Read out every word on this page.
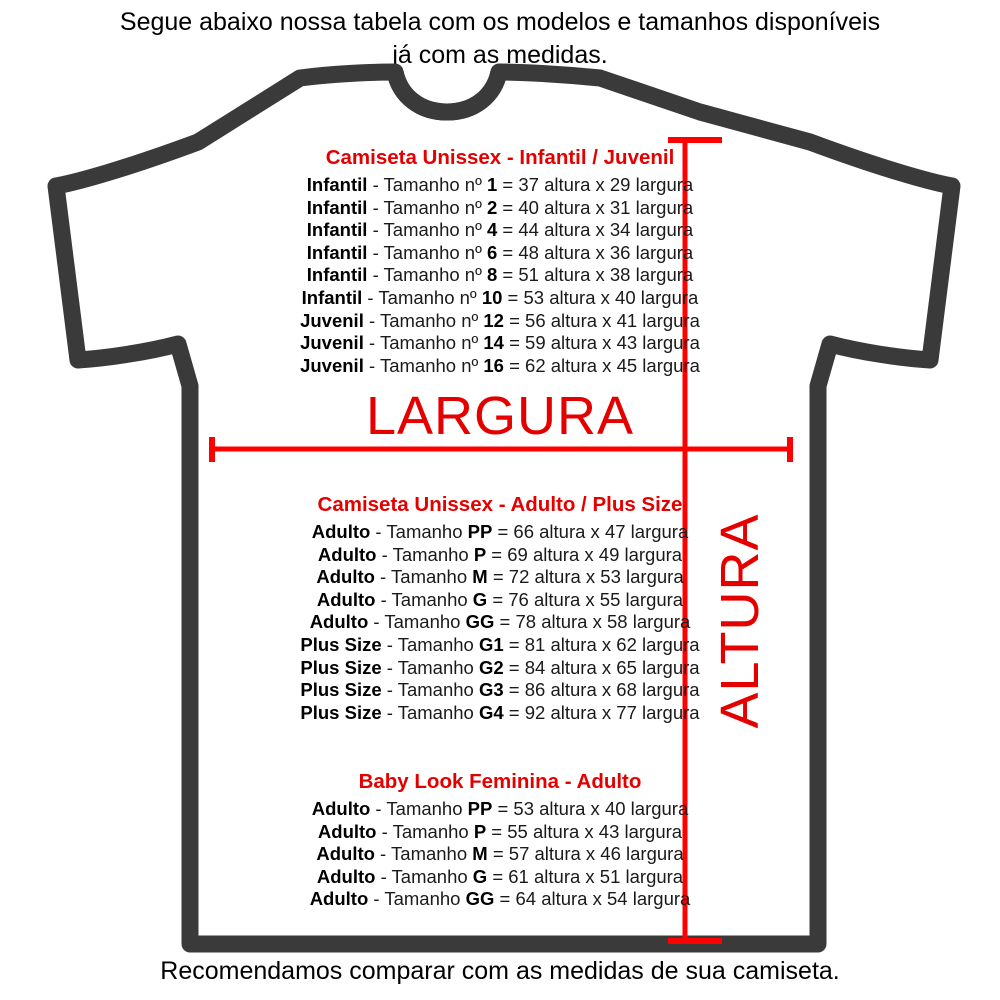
Segue abaixo nossa tabela com os modelos e tamanhos disponíveis
já com as medidas.
LARGURA
ALTURA
Camiseta Unissex - Infantil / Juvenil
Infantil - Tamanho nº 1 = 37 altura x 29 largura
Infantil - Tamanho nº 2 = 40 altura x 31 largura
Infantil - Tamanho nº 4 = 44 altura x 34 largura
Infantil - Tamanho nº 6 = 48 altura x 36 largura
Infantil - Tamanho nº 8 = 51 altura x 38 largura
Infantil - Tamanho nº 10 = 53 altura x 40 largura
Juvenil - Tamanho nº 12 = 56 altura x 41 largura
Juvenil - Tamanho nº 14 = 59 altura x 43 largura
Juvenil - Tamanho nº 16 = 62 altura x 45 largura
Camiseta Unissex - Adulto / Plus Size
Adulto - Tamanho PP = 66 altura x 47 largura
Adulto - Tamanho P = 69 altura x 49 largura
Adulto - Tamanho M = 72 altura x 53 largura
Adulto - Tamanho G = 76 altura x 55 largura
Adulto - Tamanho GG = 78 altura x 58 largura
Plus Size - Tamanho G1 = 81 altura x 62 largura
Plus Size - Tamanho G2 = 84 altura x 65 largura
Plus Size - Tamanho G3 = 86 altura x 68 largura
Plus Size - Tamanho G4 = 92 altura x 77 largura
Baby Look Feminina - Adulto
Adulto - Tamanho PP = 53 altura x 40 largura
Adulto - Tamanho P = 55 altura x 43 largura
Adulto - Tamanho M = 57 altura x 46 largura
Adulto - Tamanho G = 61 altura x 51 largura
Adulto - Tamanho GG = 64 altura x 54 largura
Recomendamos comparar com as medidas de sua camiseta.
